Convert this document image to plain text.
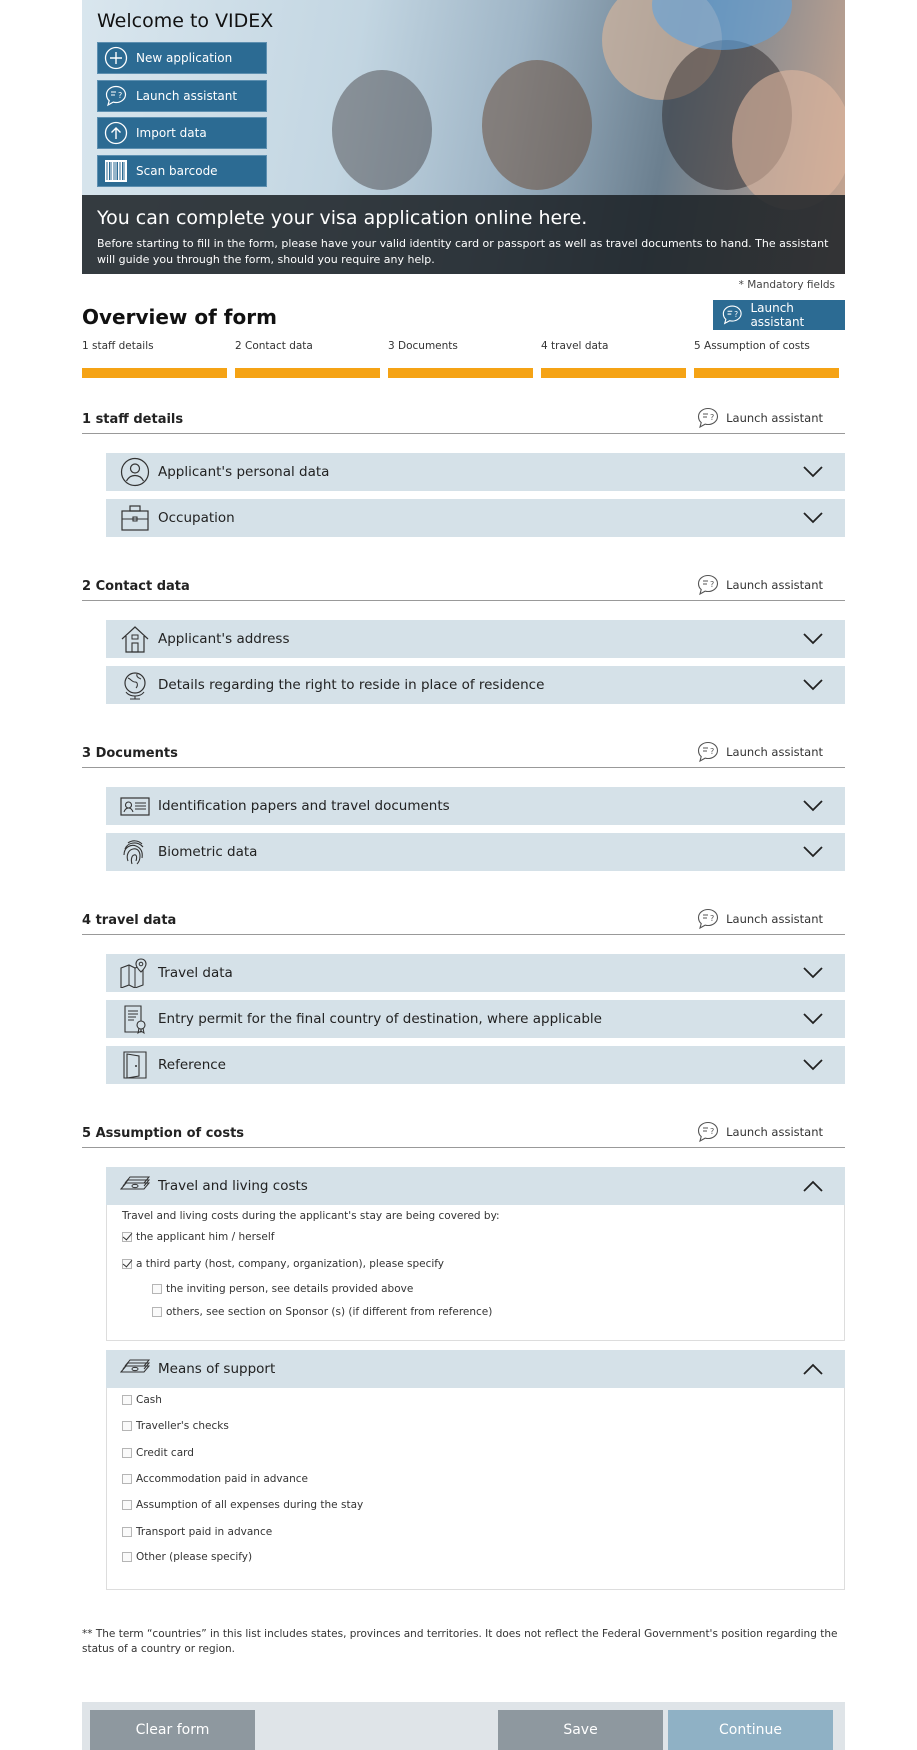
Welcome to VIDEX
New application
? Launch assistant
Import data
Scan barcode
You can complete your visa application online here.

Before starting to fill in the form, please have your valid identity card or passport as well as travel documents to hand. The assistant will guide you through the form, should you require any help.

* Mandatory fields
Overview of form	? Launch assistant
1 staff details	2 Contact data	3 Documents	4 travel data	5 Assumption of costs
1 staff details	? Launch assistant
Applicant's personal data
Occupation
2 Contact data	? Launch assistant
Applicant's address
Details regarding the right to reside in place of residence
3 Documents	? Launch assistant
Identification papers and travel documents
Biometric data
4 travel data	? Launch assistant
Travel data
Entry permit for the final country of destination, where applicable
Reference
5 Assumption of costs	? Launch assistant
Travel and living costs
Travel and living costs during the applicant's stay are being covered by:
the applicant him / herself
a third party (host, company, organization), please specify
the inviting person, see details provided above
others, see section on Sponsor (s) (if different from reference)
Means of support
Cash
Traveller's checks
Credit card
Accommodation paid in advance
Assumption of all expenses during the stay
Transport paid in advance
Other (please specify)
** The term “countries” in this list includes states, provinces and territories. It does not reflect the Federal Government's position regarding the status of a country or region.
Clear form	Save	Continue
